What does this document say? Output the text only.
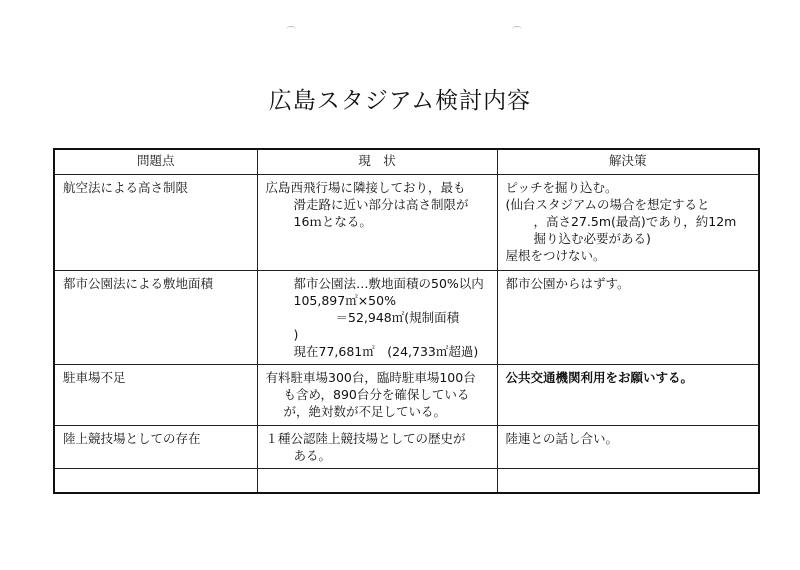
広島スタジアム検討内容
問題点	現　状	解決策

航空法による高さ制限	広島西飛行場に隣接しており，最も
滑走路に近い部分は高さ制限が
16ｍとなる。	ピッチを掘り込む。
(仙台スタジアムの場合を想定すると
，高さ27.5m(最高)であり，約12m
掘り込む必要がある)
屋根をつけない。

都市公園法による敷地面積	都市公園法…敷地面積の50%以内
105,897㎡×50%
＝52,948㎡(規制面積
)
現在77,681㎡　(24,733㎡超過)	都市公園からはずす。

駐車場不足	有料駐車場300台，臨時駐車場100台
も含め，890台分を確保している
が，絶対数が不足している。	公共交通機関利用をお願いする。

陸上競技場としての存在	１種公認陸上競技場としての歴史が
ある。	陸連との話し合い。
